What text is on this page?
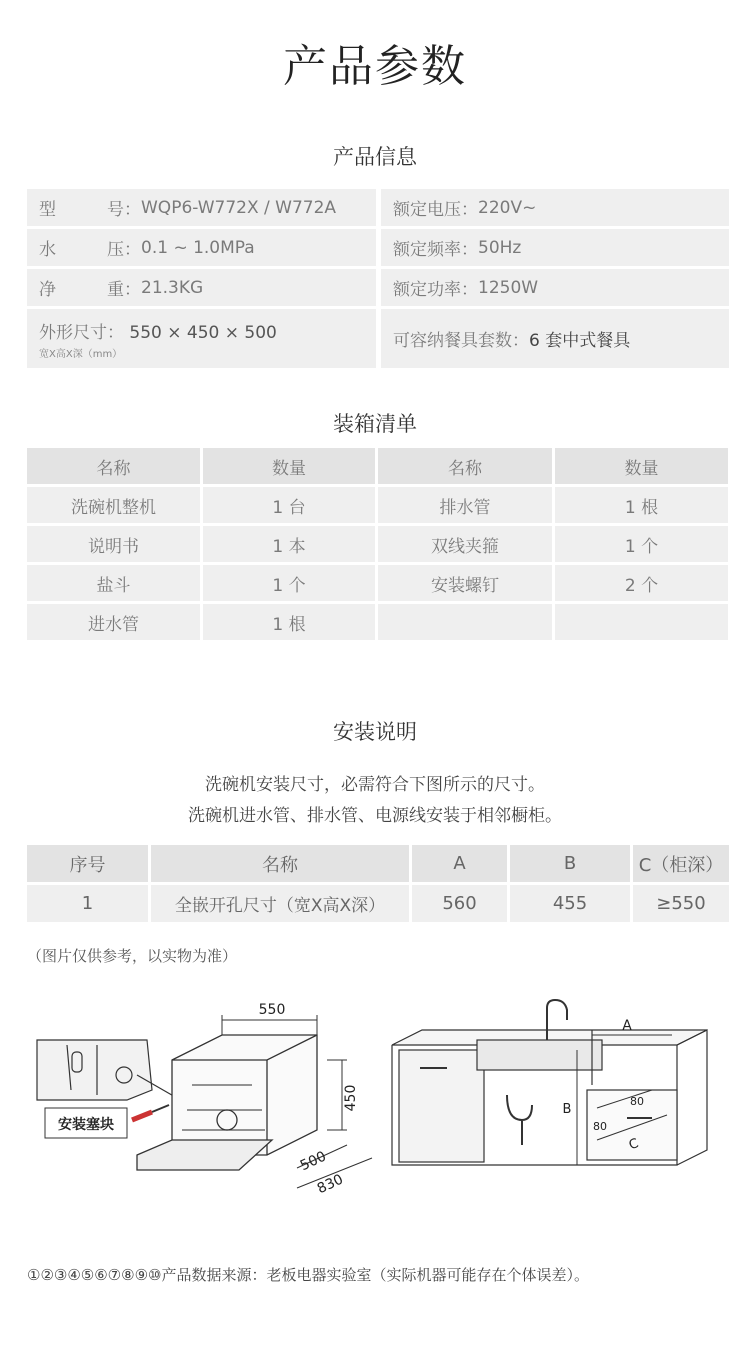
产品参数
产品信息
型	号： WQP6-W772X / W772A	额定电压： 220V~
水	压： 0.1 ~ 1.0MPa	额定频率： 50Hz
净	重： 21.3KG	额定功率： 1250W
外形尺寸： 550 × 450 × 500
宽X高X深（mm）
可容纳餐具套数： 6 套中式餐具
装箱清单
名称	数量	名称	数量
洗碗机整机	1 台	排水管	1 根
说明书	1 本	双线夹箍	1 个
盐斗	1 个	安装螺钉	2 个
进水管	1 根
安装说明
洗碗机安装尺寸，必需符合下图所示的尺寸。
洗碗机进水管、排水管、电源线安装于相邻橱柜。
序号	名称	A	B	C（柜深）
1	全嵌开孔尺寸（宽X高X深）	560	455	≥550
（图片仅供参考，以实物为准）
安装塞块
550
450
500
830
A
B
C
80
80
①②③④⑤⑥⑦⑧⑨⑩产品数据来源：老板电器实验室（实际机器可能存在个体误差）。
